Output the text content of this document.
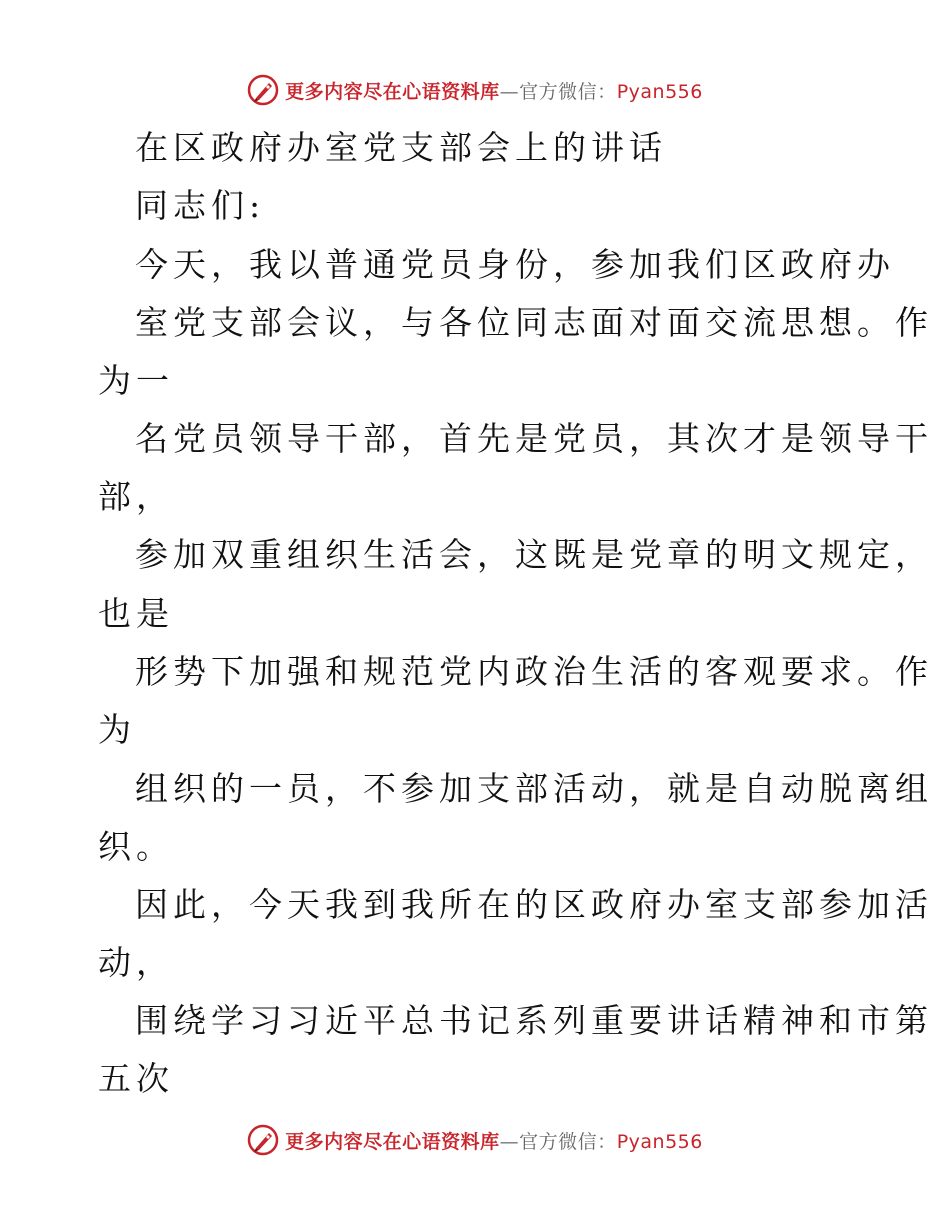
更多内容尽在心语资料库—官方微信：Pyan556
在区政府办室党支部会上的讲话
同志们:
今天，我以普通党员身份，参加我们区政府办
室党支部会议，与各位同志面对面交流思想。作
为一
名党员领导干部，首先是党员，其次才是领导干
部，
参加双重组织生活会，这既是党章的明文规定，
也是
形势下加强和规范党内政治生活的客观要求。作
为
组织的一员，不参加支部活动，就是自动脱离组
织。
因此，今天我到我所在的区政府办室支部参加活
动，
围绕学习习近平总书记系列重要讲话精神和市第
五次
更多内容尽在心语资料库—官方微信：Pyan556
